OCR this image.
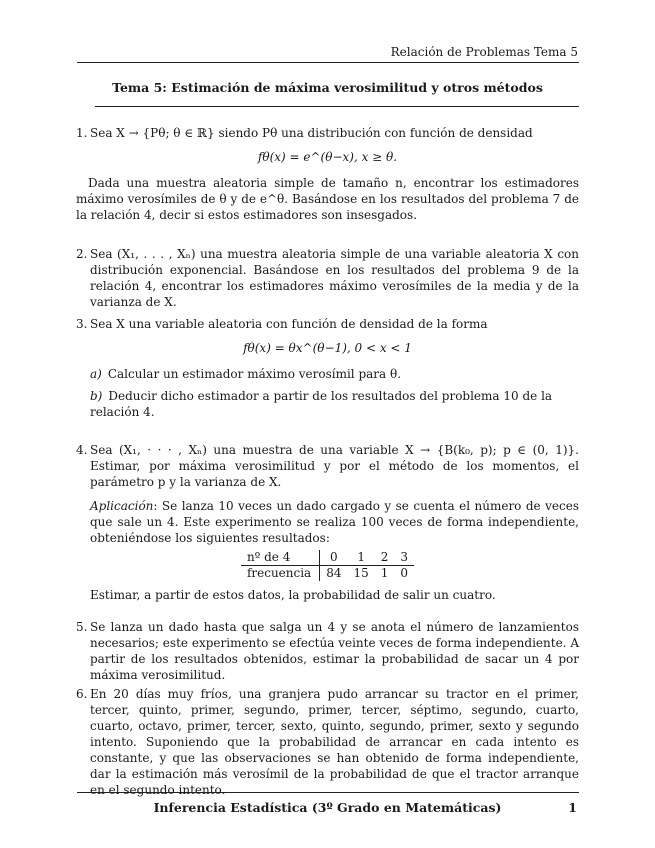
Relación de Problemas Tema 5
Tema 5: Estimación de máxima verosimilitud y otros métodos
1. Sea X → {Pθ; θ ∈ ℝ} siendo Pθ una distribución con función de densidad
fθ(x) = e^(θ−x), x ≥ θ.
Dada una muestra aleatoria simple de tamaño n, encontrar los estimadores máximo verosímiles de θ y de e^θ. Basándose en los resultados del problema 7 de la relación 4, decir si estos estimadores son insesgados.
2. Sea (X₁, . . . , Xₙ) una muestra aleatoria simple de una variable aleatoria X con distribución exponencial. Basándose en los resultados del problema 9 de la relación 4, encontrar los estimadores máximo verosímiles de la media y de la varianza de X.
3. Sea X una variable aleatoria con función de densidad de la forma
fθ(x) = θx^(θ−1), 0 < x < 1
a) Calcular un estimador máximo verosímil para θ.
b) Deducir dicho estimador a partir de los resultados del problema 10 de la relación 4.
4. Sea (X₁, · · · , Xₙ) una muestra de una variable X → {B(k₀, p); p ∈ (0, 1)}. Estimar, por máxima verosimilitud y por el método de los momentos, el parámetro p y la varianza de X.
Aplicación: Se lanza 10 veces un dado cargado y se cuenta el número de veces que sale un 4. Este experimento se realiza 100 veces de forma independiente, obteniéndose los siguientes resultados:
nº de 4	0	1	2	3
frecuencia	84	15	1	0
Estimar, a partir de estos datos, la probabilidad de salir un cuatro.
5. Se lanza un dado hasta que salga un 4 y se anota el número de lanzamientos necesarios; este experimento se efectúa veinte veces de forma independiente. A partir de los resultados obtenidos, estimar la probabilidad de sacar un 4 por máxima verosimilitud.
6. En 20 días muy fríos, una granjera pudo arrancar su tractor en el primer, tercer, quinto, primer, segundo, primer, tercer, séptimo, segundo, cuarto, cuarto, octavo, primer, tercer, sexto, quinto, segundo, primer, sexto y segundo intento. Suponiendo que la probabilidad de arrancar en cada intento es constante, y que las observaciones se han obtenido de forma independiente, dar la estimación más verosímil de la probabilidad de que el tractor arranque en el segundo intento.
Inferencia Estadística (3º Grado en Matemáticas)	1
